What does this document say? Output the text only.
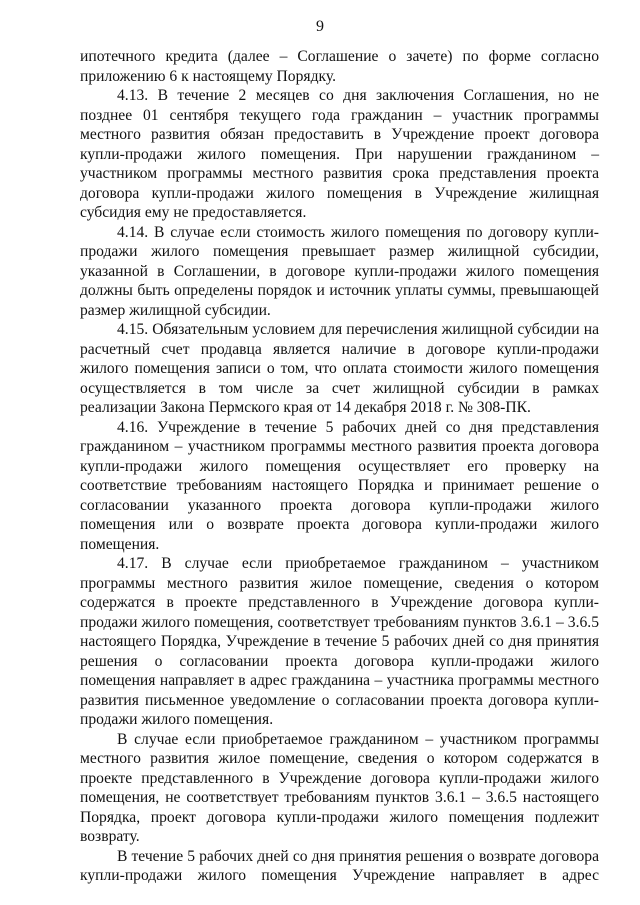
9

ипотечного кредита (далее – Соглашение о зачете) по форме согласно приложению 6 к настоящему Порядку.

4.13. В течение 2 месяцев со дня заключения Соглашения, но не позднее 01 сентября текущего года гражданин – участник программы местного развития обязан предоставить в Учреждение проект договора купли-продажи жилого помещения. При нарушении гражданином – участником программы местного развития срока представления проекта договора купли-продажи жилого помещения в Учреждение жилищная субсидия ему не предоставляется.

4.14. В случае если стоимость жилого помещения по договору купли-продажи жилого помещения превышает размер жилищной субсидии, указанной в Соглашении, в договоре купли-продажи жилого помещения должны быть определены порядок и источник уплаты суммы, превышающей размер жилищной субсидии.

4.15. Обязательным условием для перечисления жилищной субсидии на расчетный счет продавца является наличие в договоре купли-продажи жилого помещения записи о том, что оплата стоимости жилого помещения осуществляется в том числе за счет жилищной субсидии в рамках реализации Закона Пермского края от 14 декабря 2018 г. № 308-ПК.

4.16. Учреждение в течение 5 рабочих дней со дня представления гражданином – участником программы местного развития проекта договора купли-продажи жилого помещения осуществляет его проверку на соответствие требованиям настоящего Порядка и принимает решение о согласовании указанного проекта договора купли-продажи жилого помещения или о возврате проекта договора купли-продажи жилого помещения.

4.17. В случае если приобретаемое гражданином – участником программы местного развития жилое помещение, сведения о котором содержатся в проекте представленного в Учреждение договора купли-продажи жилого помещения, соответствует требованиям пунктов 3.6.1 – 3.6.5 настоящего Порядка, Учреждение в течение 5 рабочих дней со дня принятия решения о согласовании проекта договора купли-продажи жилого помещения направляет в адрес гражданина – участника программы местного развития письменное уведомление о согласовании проекта договора купли-продажи жилого помещения.

В случае если приобретаемое гражданином – участником программы местного развития жилое помещение, сведения о котором содержатся в проекте представленного в Учреждение договора купли-продажи жилого помещения, не соответствует требованиям пунктов 3.6.1 – 3.6.5 настоящего Порядка, проект договора купли-продажи жилого помещения подлежит возврату.

В течение 5 рабочих дней со дня принятия решения о возврате договора купли-продажи жилого помещения Учреждение направляет в адрес
